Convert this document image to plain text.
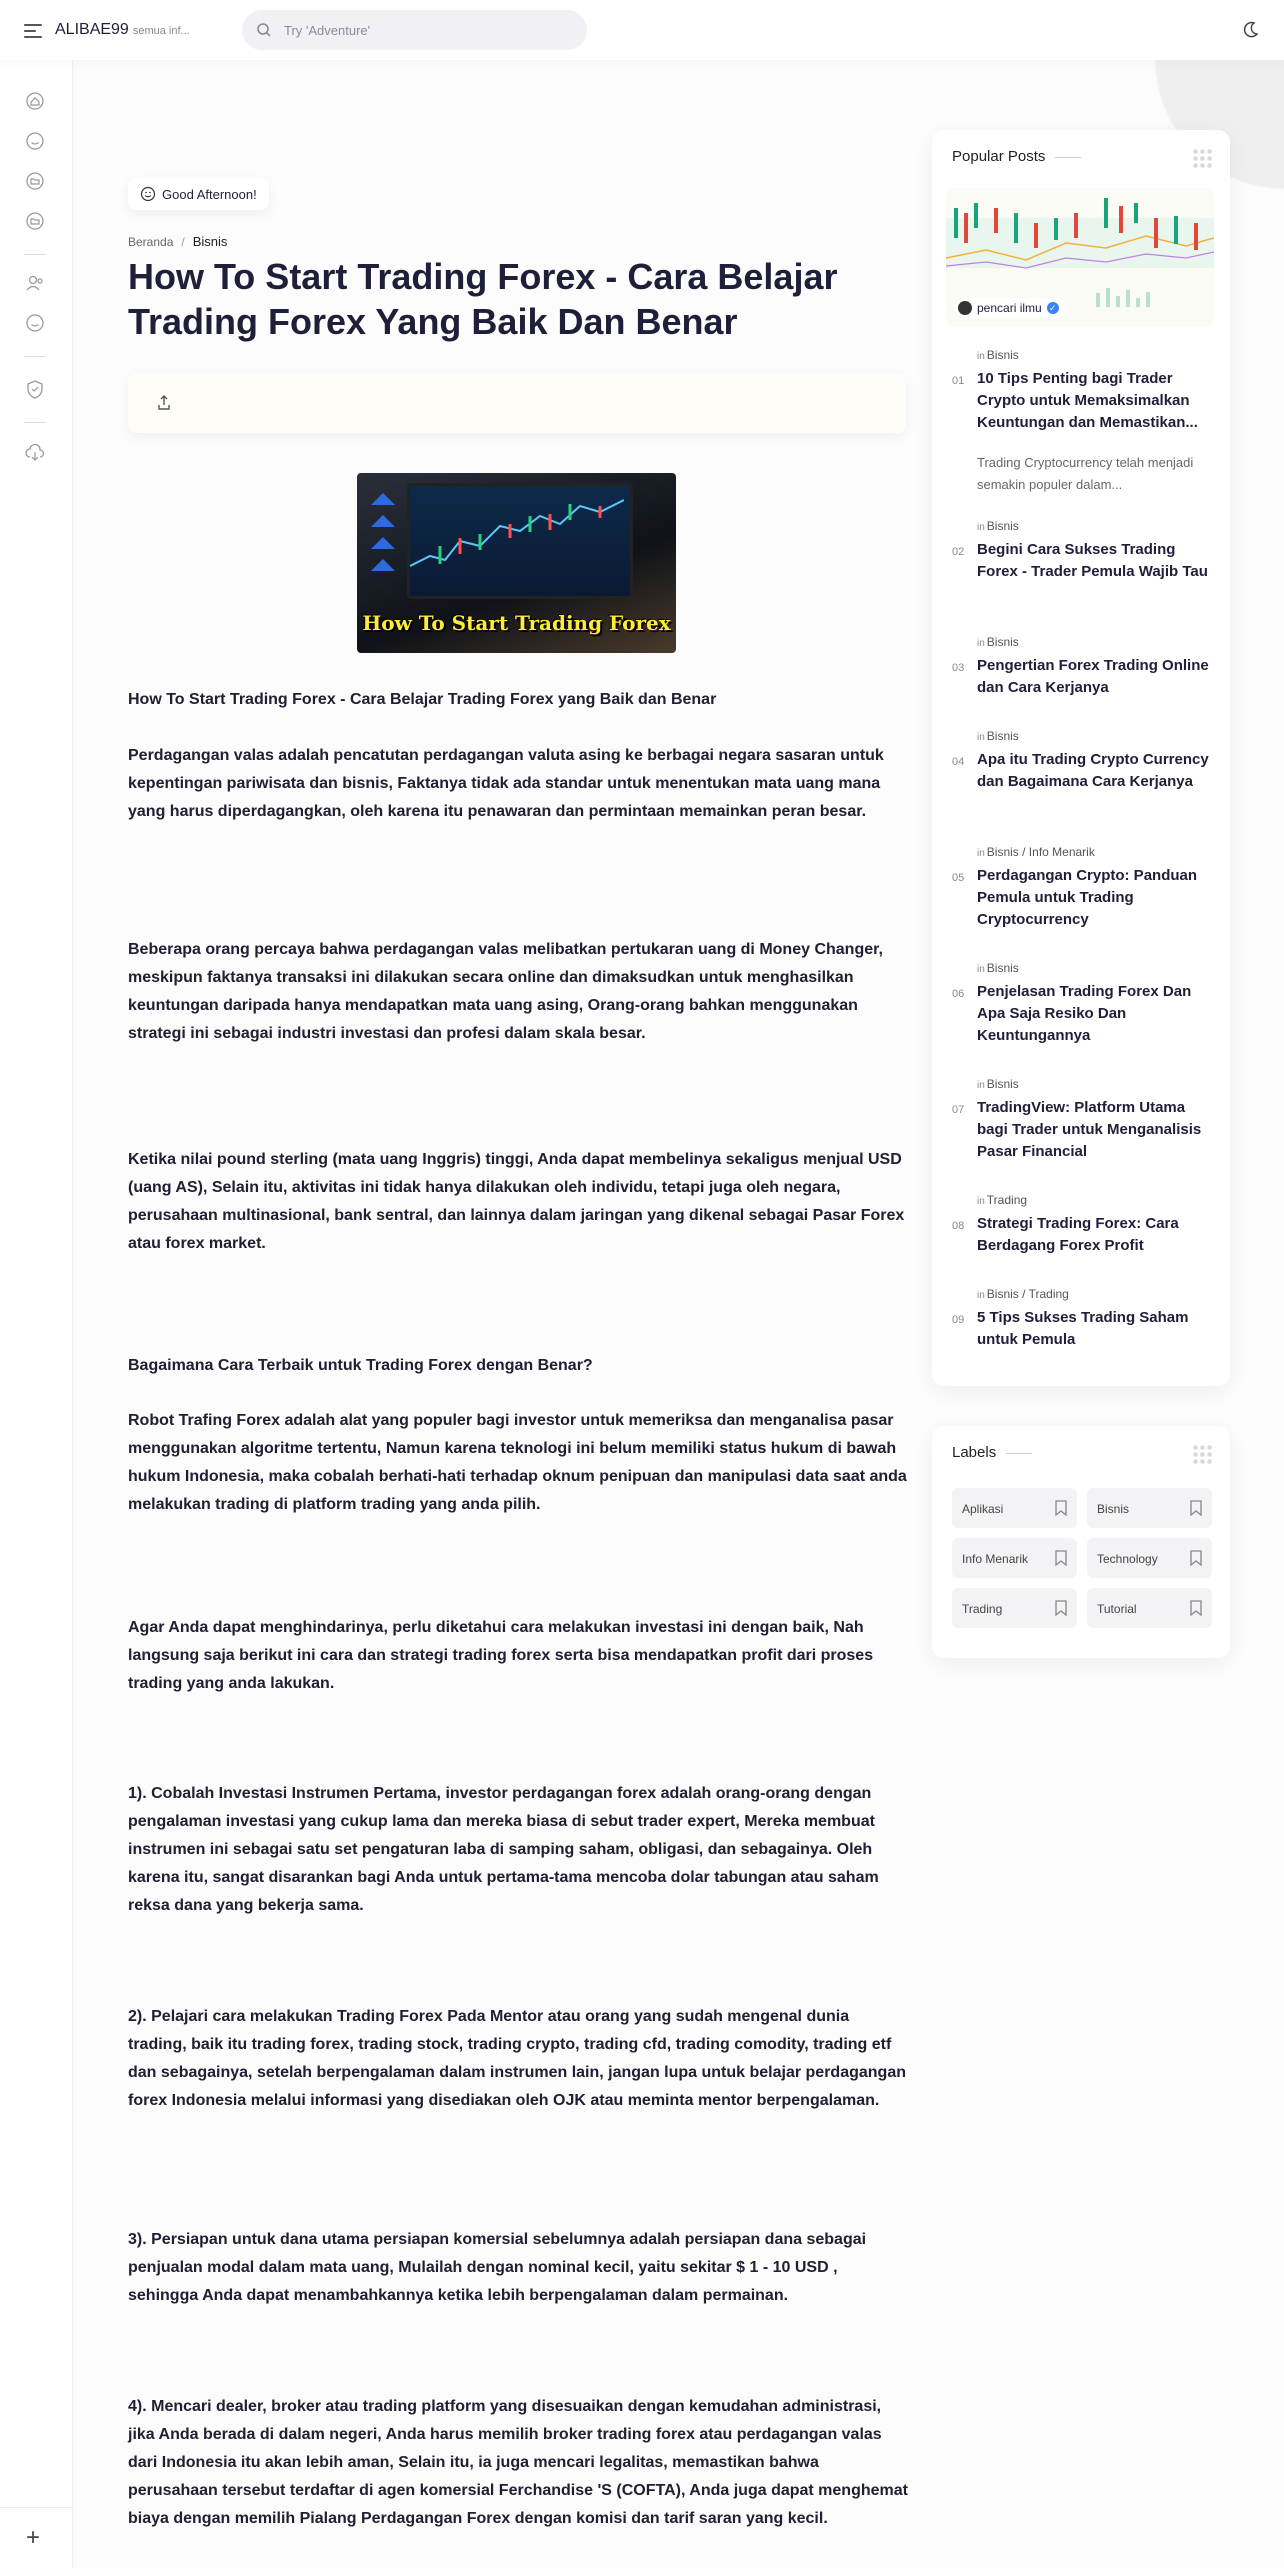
ALIBAE99 semua inf...
Try 'Adventure'
+
Good Afternoon!
Beranda / Bisnis
How To Start Trading Forex - Cara Belajar Trading Forex Yang Baik Dan Benar
How To Start Trading Forex

How To Start Trading Forex - Cara Belajar Trading Forex yang Baik dan Benar

Perdagangan valas adalah pencatutan perdagangan valuta asing ke berbagai negara sasaran untuk kepentingan pariwisata dan bisnis, Faktanya tidak ada standar untuk menentukan mata uang mana yang harus diperdagangkan, oleh karena itu penawaran dan permintaan memainkan peran besar.

Beberapa orang percaya bahwa perdagangan valas melibatkan pertukaran uang di Money Changer, meskipun faktanya transaksi ini dilakukan secara online dan dimaksudkan untuk menghasilkan keuntungan daripada hanya mendapatkan mata uang asing, Orang-orang bahkan menggunakan strategi ini sebagai industri investasi dan profesi dalam skala besar.

Ketika nilai pound sterling (mata uang Inggris) tinggi, Anda dapat membelinya sekaligus menjual USD (uang AS), Selain itu, aktivitas ini tidak hanya dilakukan oleh individu, tetapi juga oleh negara, perusahaan multinasional, bank sentral, dan lainnya dalam jaringan yang dikenal sebagai Pasar Forex atau forex market.

Bagaimana Cara Terbaik untuk Trading Forex dengan Benar?

Robot Trafing Forex adalah alat yang populer bagi investor untuk memeriksa dan menganalisa pasar menggunakan algoritme tertentu, Namun karena teknologi ini belum memiliki status hukum di bawah hukum Indonesia, maka cobalah berhati-hati terhadap oknum penipuan dan manipulasi data saat anda melakukan trading di platform trading yang anda pilih.

Agar Anda dapat menghindarinya, perlu diketahui cara melakukan investasi ini dengan baik, Nah langsung saja berikut ini cara dan strategi trading forex serta bisa mendapatkan profit dari proses trading yang anda lakukan.

1). Cobalah Investasi Instrumen Pertama, investor perdagangan forex adalah orang-orang dengan pengalaman investasi yang cukup lama dan mereka biasa di sebut trader expert, Mereka membuat instrumen ini sebagai satu set pengaturan laba di samping saham, obligasi, dan sebagainya. Oleh karena itu, sangat disarankan bagi Anda untuk pertama-tama mencoba dolar tabungan atau saham reksa dana yang bekerja sama.

2). Pelajari cara melakukan Trading Forex Pada Mentor atau orang yang sudah mengenal dunia trading, baik itu trading forex, trading stock, trading crypto, trading cfd, trading comodity, trading etf dan sebagainya, setelah berpengalaman dalam instrumen lain, jangan lupa untuk belajar perdagangan forex Indonesia melalui informasi yang disediakan oleh OJK atau meminta mentor berpengalaman.

3). Persiapan untuk dana utama persiapan komersial sebelumnya adalah persiapan dana sebagai penjualan modal dalam mata uang, Mulailah dengan nominal kecil, yaitu sekitar $ 1 - 10 USD , sehingga Anda dapat menambahkannya ketika lebih berpengalaman dalam permainan.

4). Mencari dealer, broker atau trading platform yang disesuaikan dengan kemudahan administrasi, jika Anda berada di dalam negeri, Anda harus memilih broker trading forex atau perdagangan valas dari Indonesia itu akan lebih aman, Selain itu, ia juga mencari legalitas, memastikan bahwa perusahaan tersebut terdaftar di agen komersial Ferchandise 'S (COFTA), Anda juga dapat menghemat biaya dengan memilih Pialang Perdagangan Forex dengan komisi dan tarif saran yang kecil.

Popular Posts
pencari ilmu ✓
in Bisnis
01 10 Tips Penting bagi Trader Crypto untuk Memaksimalkan Keuntungan dan Memastikan...
Trading Cryptocurrency telah menjadi semakin populer dalam...
in Bisnis
02 Begini Cara Sukses Trading Forex - Trader Pemula Wajib Tau
in Bisnis
03 Pengertian Forex Trading Online dan Cara Kerjanya
in Bisnis
04 Apa itu Trading Crypto Currency dan Bagaimana Cara Kerjanya
in Bisnis / Info Menarik
05 Perdagangan Crypto: Panduan Pemula untuk Trading Cryptocurrency
in Bisnis
06 Penjelasan Trading Forex Dan Apa Saja Resiko Dan Keuntungannya
in Bisnis
07 TradingView: Platform Utama bagi Trader untuk Menganalisis Pasar Financial
in Trading
08 Strategi Trading Forex: Cara Berdagang Forex Profit
in Bisnis / Trading
09 5 Tips Sukses Trading Saham untuk Pemula
Labels
Aplikasi	Bisnis
Info Menarik	Technology
Trading	Tutorial
